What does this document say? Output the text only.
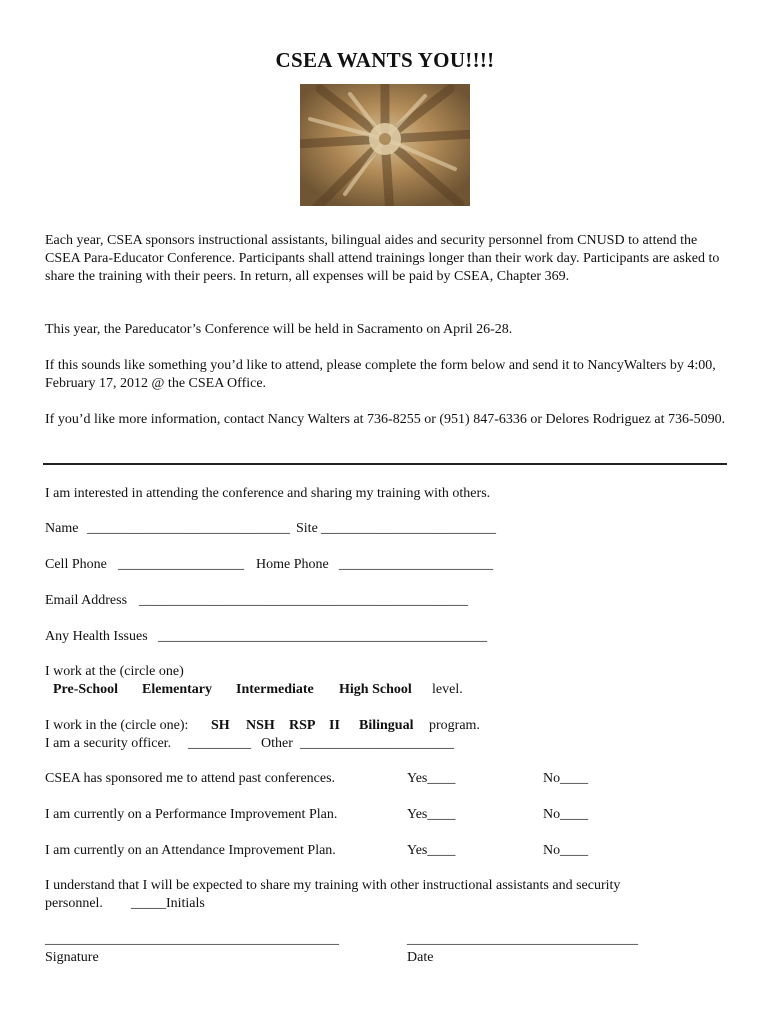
CSEA WANTS YOU!!!!
Each year, CSEA sponsors instructional assistants, bilingual aides and security personnel from CNUSD to attend the CSEA Para-Educator Conference. Participants shall attend trainings longer than their work day. Participants are asked to share the training with their peers. In return, all expenses will be paid by CSEA, Chapter 369.
This year, the Pareducator’s Conference will be held in Sacramento on April 26-28.
If this sounds like something you’d like to attend, please complete the form below and send it to NancyWalters by 4:00, February 17, 2012 @ the CSEA Office.
If you’d like more information, contact Nancy Walters at 736-8255 or (951) 847-6336 or Delores Rodriguez at 736-5090.
I am interested in attending the conference and sharing my training with others.
Name _____________________________ Site _________________________
Cell Phone __________________ Home Phone ______________________
Email Address _______________________________________________
Any Health Issues _______________________________________________
I work at the (circle one)
Pre-School Elementary Intermediate High School level.
I work in the (circle one): SH NSH RSP II Bilingual program.
I am a security officer. _________ Other ______________________
CSEA has sponsored me to attend past conferences.	Yes____	No____
I am currently on a Performance Improvement Plan.	Yes____	No____
I am currently on an Attendance Improvement Plan.	Yes____	No____
I understand that I will be expected to share my training with other instructional assistants and security personnel. _____Initials
__________________________________________
Signature
_________________________________
Date
